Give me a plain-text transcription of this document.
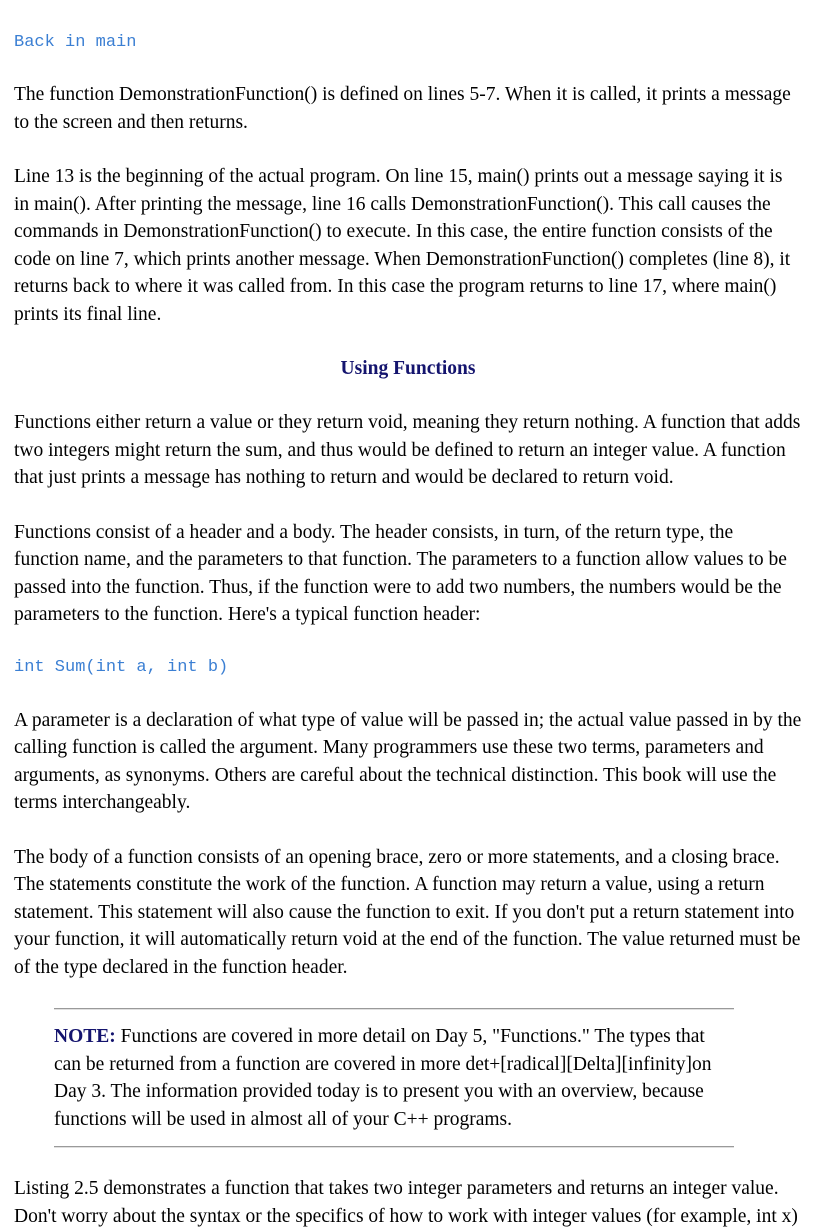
Back in main

The function DemonstrationFunction() is defined on lines 5-7. When it is called, it prints a message to the screen and then returns.

Line 13 is the beginning of the actual program. On line 15, main() prints out a message saying it is in main(). After printing the message, line 16 calls DemonstrationFunction(). This call causes the commands in DemonstrationFunction() to execute. In this case, the entire function consists of the code on line 7, which prints another message. When DemonstrationFunction() completes (line 8), it returns back to where it was called from. In this case the program returns to line 17, where main() prints its final line.

Using Functions

Functions either return a value or they return void, meaning they return nothing. A function that adds two integers might return the sum, and thus would be defined to return an integer value. A function that just prints a message has nothing to return and would be declared to return void.

Functions consist of a header and a body. The header consists, in turn, of the return type, the function name, and the parameters to that function. The parameters to a function allow values to be passed into the function. Thus, if the function were to add two numbers, the numbers would be the parameters to the function. Here's a typical function header:

int Sum(int a, int b)

A parameter is a declaration of what type of value will be passed in; the actual value passed in by the calling function is called the argument. Many programmers use these two terms, parameters and arguments, as synonyms. Others are careful about the technical distinction. This book will use the terms interchangeably.

The body of a function consists of an opening brace, zero or more statements, and a closing brace. The statements constitute the work of the function. A function may return a value, using a return statement. This statement will also cause the function to exit. If you don't put a return statement into your function, it will automatically return void at the end of the function. The value returned must be of the type declared in the function header.

NOTE: Functions are covered in more detail on Day 5, "Functions." The types that can be returned from a function are covered in more det+[radical][Delta][infinity]on Day 3. The information provided today is to present you with an overview, because functions will be used in almost all of your C++ programs.

Listing 2.5 demonstrates a function that takes two integer parameters and returns an integer value. Don't worry about the syntax or the specifics of how to work with integer values (for example, int x)
